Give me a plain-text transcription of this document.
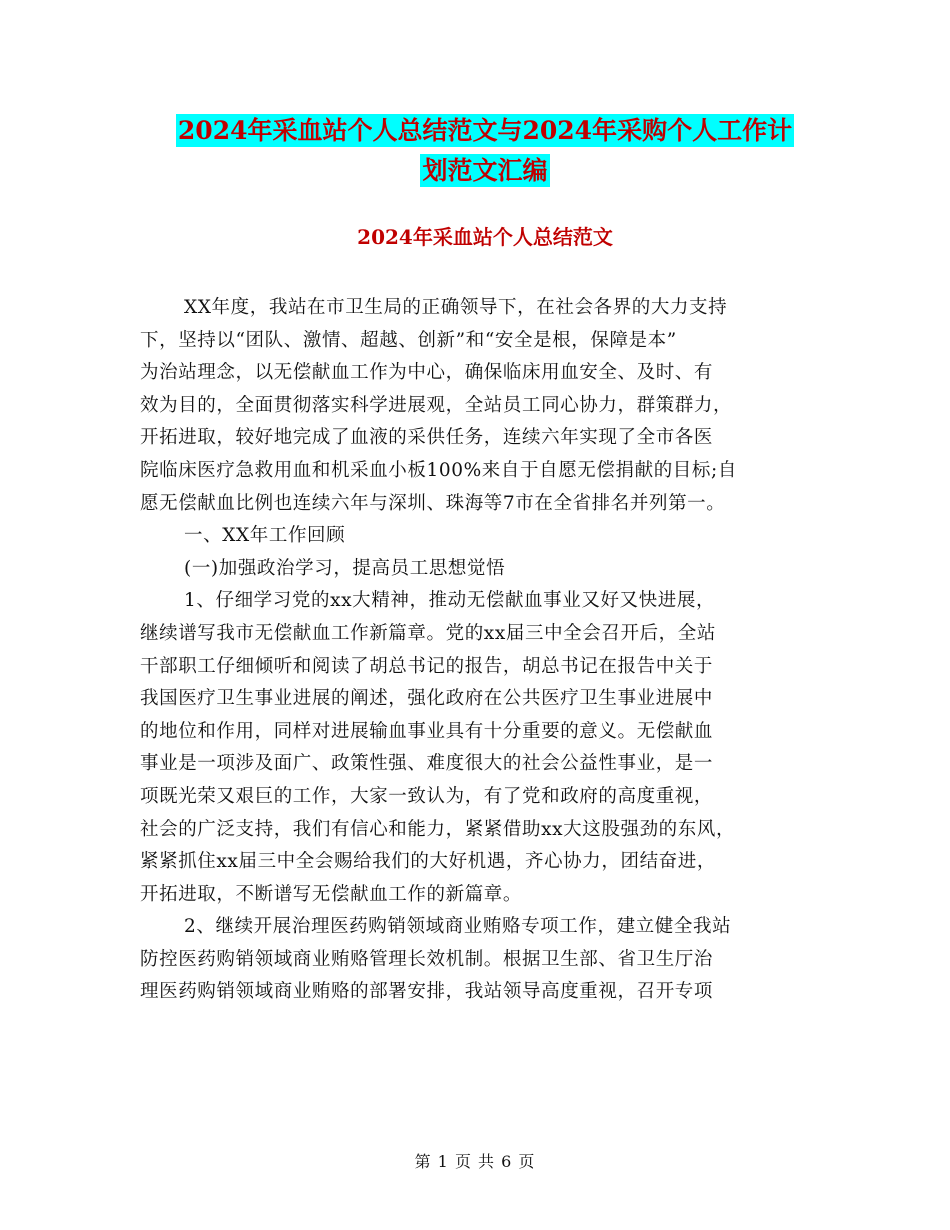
2024年采血站个人总结范文与2024年采购个人工作计
划范文汇编
2024年采血站个人总结范文
XX年度，我站在市卫生局的正确领导下，在社会各界的大力支持
下，坚持以“团队、激情、超越、创新”和“安全是根，保障是本”
为治站理念，以无偿献血工作为中心，确保临床用血安全、及时、有
效为目的，全面贯彻落实科学进展观，全站员工同心协力，群策群力，
开拓进取，较好地完成了血液的采供任务，连续六年实现了全市各医
院临床医疗急救用血和机采血小板100%来自于自愿无偿捐献的目标;自
愿无偿献血比例也连续六年与深圳、珠海等7市在全省排名并列第一。
一、XX年工作回顾
(一)加强政治学习，提高员工思想觉悟
1、仔细学习党的xx大精神，推动无偿献血事业又好又快进展，
继续谱写我市无偿献血工作新篇章。党的xx届三中全会召开后，全站
干部职工仔细倾听和阅读了胡总书记的报告，胡总书记在报告中关于
我国医疗卫生事业进展的阐述，强化政府在公共医疗卫生事业进展中
的地位和作用，同样对进展输血事业具有十分重要的意义。无偿献血
事业是一项涉及面广、政策性强、难度很大的社会公益性事业，是一
项既光荣又艰巨的工作，大家一致认为，有了党和政府的高度重视，
社会的广泛支持，我们有信心和能力，紧紧借助xx大这股强劲的东风，
紧紧抓住xx届三中全会赐给我们的大好机遇，齐心协力，团结奋进，
开拓进取，不断谱写无偿献血工作的新篇章。
2、继续开展治理医药购销领域商业贿赂专项工作，建立健全我站
防控医药购销领域商业贿赂管理长效机制。根据卫生部、省卫生厅治
理医药购销领域商业贿赂的部署安排，我站领导高度重视，召开专项
第 1 页 共 6 页
